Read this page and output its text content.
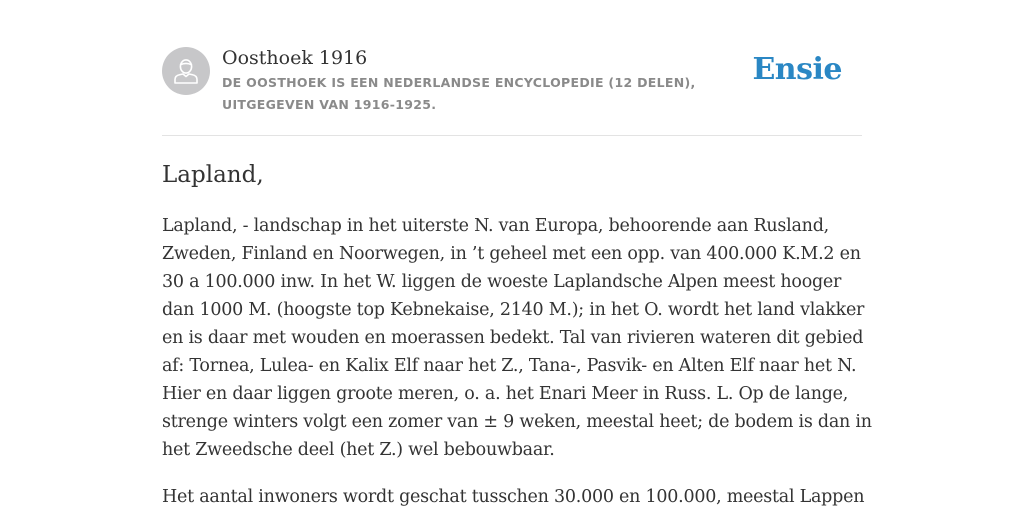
Oosthoek 1916
DE OOSTHOEK IS EEN NEDERLANDSE ENCYCLOPEDIE (12 DELEN), UITGEGEVEN VAN 1916-1925.
Ensie
Lapland,

Lapland, - landschap in het uiterste N. van Europa, behoorende aan Rusland, Zweden, Finland en Noorwegen, in ’t geheel met een opp. van 400.000 K.M.2 en 30 a 100.000 inw. In het W. liggen de woeste Laplandsche Alpen meest hooger dan 1000 M. (hoogste top Kebnekaise, 2140 M.); in het O. wordt het land vlakker en is daar met wouden en moerassen bedekt. Tal van rivieren wateren dit gebied af: Tornea, Lulea- en Kalix Elf naar het Z., Tana-, Pasvik- en Alten Elf naar het N. Hier en daar liggen groote meren, o. a. het Enari Meer in Russ. L. Op de lange, strenge winters volgt een zomer van ± 9 weken, meestal heet; de bodem is dan in het Zweedsche deel (het Z.) wel bebouwbaar.

Het aantal inwoners wordt geschat tusschen 30.000 en 100.000, meestal Lappen
